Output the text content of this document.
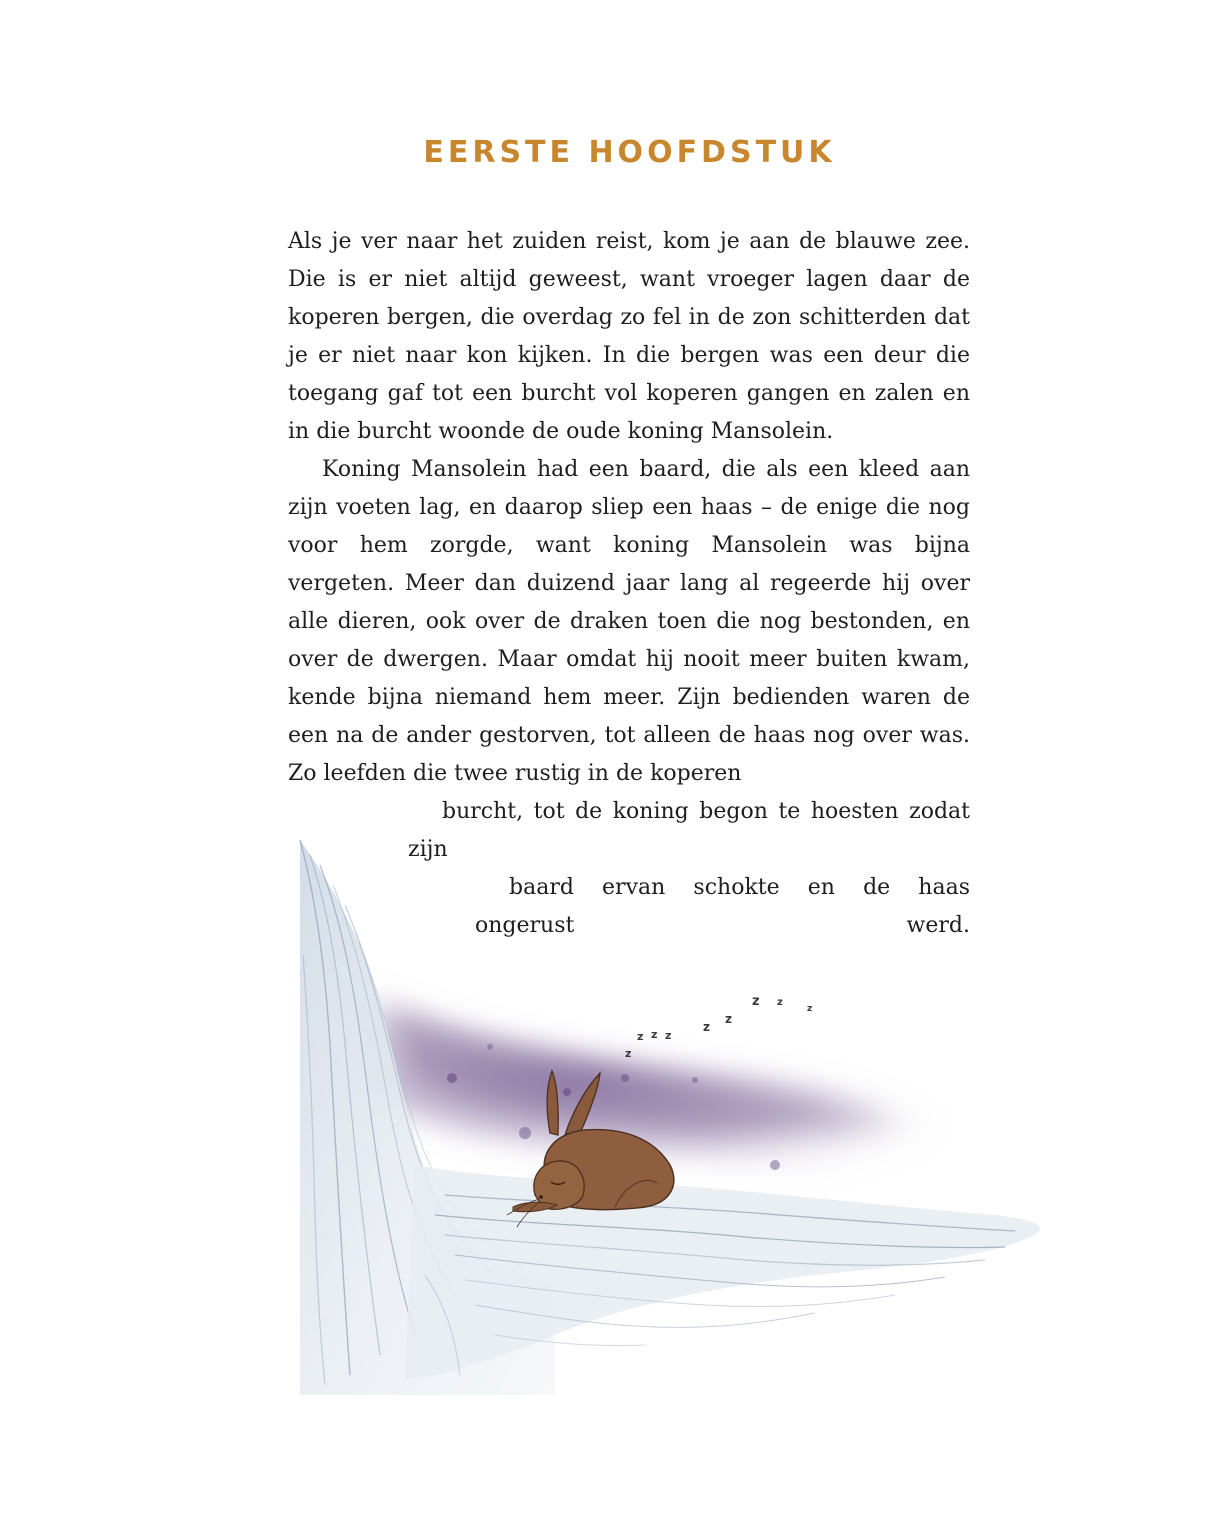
EERSTE HOOFDSTUK

Als je ver naar het zuiden reist, kom je aan de blauwe zee. Die is er niet altijd geweest, want vroeger lagen daar de koperen bergen, die overdag zo fel in de zon schitterden dat je er niet naar kon kijken. In die bergen was een deur die toegang gaf tot een burcht vol koperen gangen en zalen en in die burcht woonde de oude koning Mansolein.

Koning Mansolein had een baard, die als een kleed aan zijn voeten lag, en daarop sliep een haas – de enige die nog voor hem zorgde, want koning Mansolein was bijna vergeten. Meer dan duizend jaar lang al regeerde hij over alle dieren, ook over de draken toen die nog bestonden, en over de dwergen. Maar omdat hij nooit meer buiten kwam, kende bijna niemand hem meer. Zijn bedienden waren de een na de ander gestorven, tot alleen de haas nog over was. Zo leefden die twee rustig in de koperen
burcht, tot de koning begon te hoesten zodat zijn
baard ervan schokte en de haas ongerust werd.

z
z z z
z
z
z z
z
